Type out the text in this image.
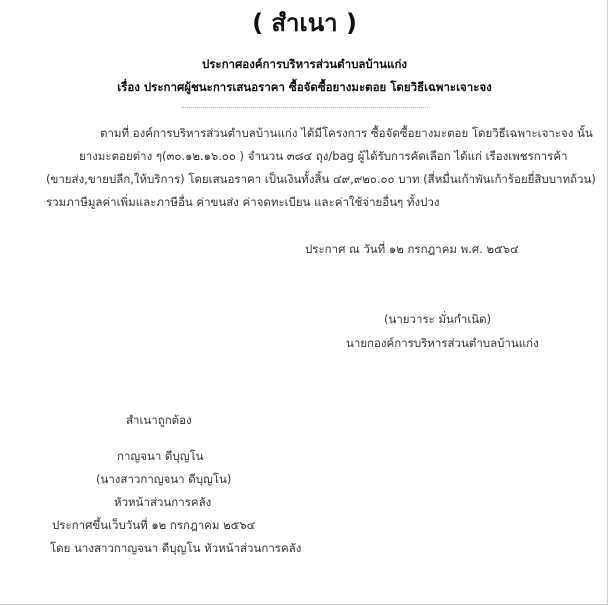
( สำเนา )
ประกาศองค์การบริหารส่วนตำบลบ้านแก่ง
เรื่อง ประกาศผู้ชนะการเสนอราคา ซื้อจัดซื้อยางมะตอย โดยวิธีเฉพาะเจาะจง
ตามที่ องค์การบริหารส่วนตำบลบ้านแก่ง ได้มีโครงการ ซื้อจัดซื้อยางมะตอย โดยวิธีเฉพาะเจาะจง นั้น
ยางมะตอยต่าง ๆ(๓๐.๑๒.๑๖.๐๐ ) จำนวน ๓๘๔ ถุง/bag ผู้ได้รับการคัดเลือก ได้แก่ เรืองเพชรการค้า
(ขายส่ง,ขายปลีก,ให้บริการ) โดยเสนอราคา เป็นเงินทั้งสิ้น ๔๙,๙๒๐.๐๐ บาท (สี่หมื่นเก้าพันเก้าร้อยยี่สิบบาทถ้วน)
รวมภาษีมูลค่าเพิ่มและภาษีอื่น ค่าขนส่ง ค่าจดทะเบียน และค่าใช้จ่ายอื่นๆ ทั้งปวง
ประกาศ ณ วันที่ ๑๒ กรกฎาคม พ.ศ. ๒๕๖๔
(นายวาระ มั่นกำเนิด)
นายกองค์การบริหารส่วนตำบลบ้านแก่ง
สำเนาถูกต้อง
กาญจนา ดีบุญโน
(นางสาวกาญจนา ดีบุญโน)
หัวหน้าส่วนการคลัง
ประกาศขึ้นเว็บวันที่ ๑๒ กรกฎาคม ๒๕๖๔
โดย นางสาวกาญจนา ดีบุญโน หัวหน้าส่วนการคลัง
